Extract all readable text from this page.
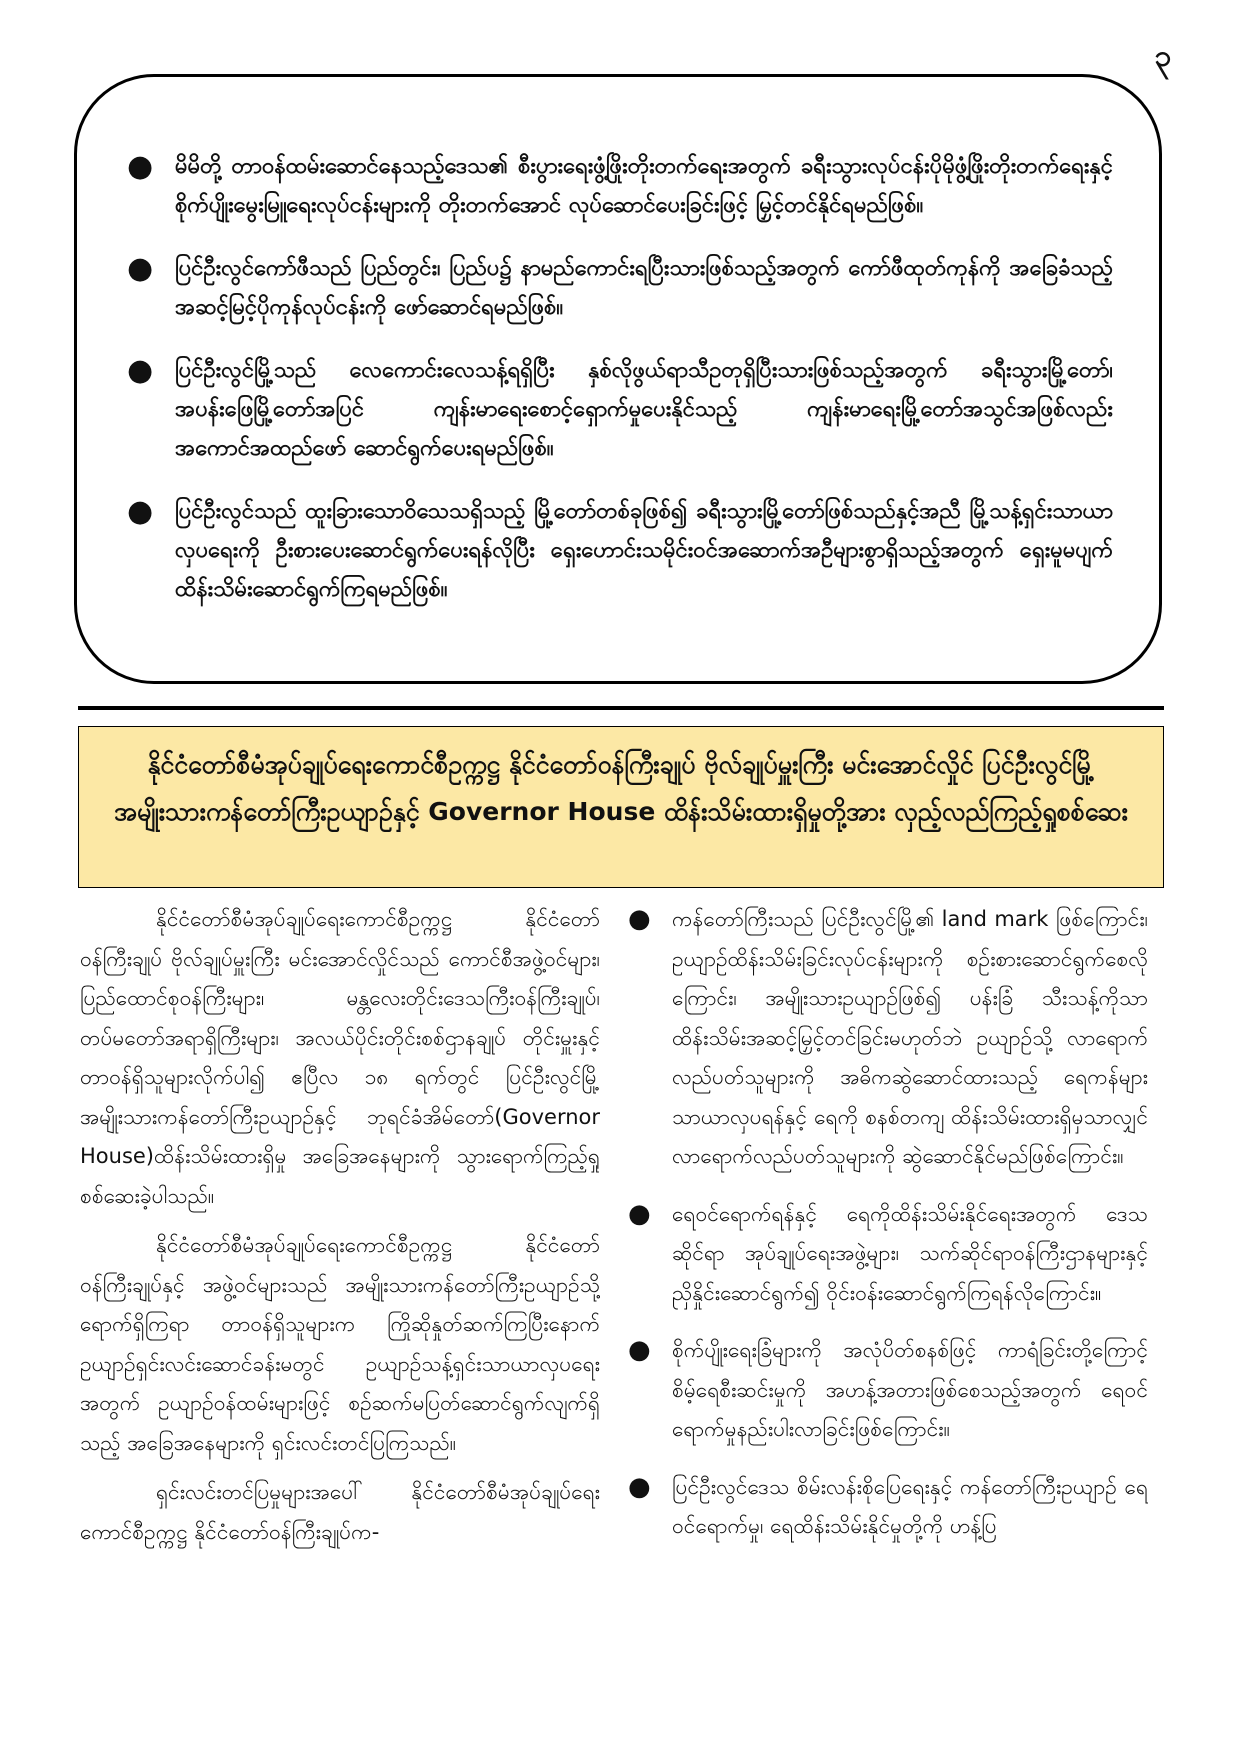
၃
● မိမိတို့ တာဝန်ထမ်းဆောင်နေသည့်ဒေသ၏ စီးပွားရေးဖွံ့ဖြိုးတိုးတက်ရေးအတွက် ခရီးသွားလုပ်ငန်းပိုမိုဖွံ့ဖြိုးတိုးတက်ရေးနှင့် စိုက်ပျိုးမွေးမြူရေးလုပ်ငန်းများကို တိုးတက်အောင် လုပ်ဆောင်ပေးခြင်းဖြင့် မြှင့်တင်နိုင်ရမည်ဖြစ်။
● ပြင်ဦးလွင်ကော်ဖီသည် ပြည်တွင်း၊ ပြည်ပ၌ နာမည်ကောင်းရပြီးသားဖြစ်သည့်အတွက် ကော်ဖီထုတ်ကုန်ကို အခြေခံသည့် အဆင့်မြင့်ပိုကုန်လုပ်ငန်းကို ဖော်ဆောင်ရမည်ဖြစ်။
● ပြင်ဦးလွင်မြို့သည် လေကောင်းလေသန့်ရရှိပြီး နှစ်လိုဖွယ်ရာသီဥတုရှိပြီးသားဖြစ်သည့်အတွက် ခရီးသွားမြို့တော်၊ အပန်းဖြေမြို့တော်အပြင် ကျန်းမာရေးစောင့်ရှောက်မှုပေးနိုင်သည့် ကျန်းမာရေးမြို့တော်အသွင်အဖြစ်လည်း အကောင်အထည်ဖော် ဆောင်ရွက်ပေးရမည်ဖြစ်။
● ပြင်ဦးလွင်သည် ထူးခြားသောဝိသေသရှိသည့် မြို့တော်တစ်ခုဖြစ်၍ ခရီးသွားမြို့တော်ဖြစ်သည်နှင့်အညီ မြို့သန့်ရှင်းသာယာလှပရေးကို ဦးစားပေးဆောင်ရွက်ပေးရန်လိုပြီး ရှေးဟောင်းသမိုင်းဝင်အဆောက်အဦများစွာရှိသည့်အတွက် ရှေးမူမပျက် ထိန်းသိမ်းဆောင်ရွက်ကြရမည်ဖြစ်။
နိုင်ငံတော်စီမံအုပ်ချုပ်ရေးကောင်စီဥက္ကဋ္ဌ နိုင်ငံတော်ဝန်ကြီးချုပ် ဗိုလ်ချုပ်မှူးကြီး မင်းအောင်လှိုင် ပြင်ဦးလွင်မြို့ အမျိုးသားကန်တော်ကြီးဥယျာဉ်နှင့် Governor House ထိန်းသိမ်းထားရှိမှုတို့အား လှည့်လည်ကြည့်ရှုစစ်ဆေး

နိုင်ငံတော်စီမံအုပ်ချုပ်ရေးကောင်စီဥက္ကဋ္ဌ နိုင်ငံတော်ဝန်ကြီးချုပ် ဗိုလ်ချုပ်မှူးကြီး မင်းအောင်လှိုင်သည် ကောင်စီအဖွဲ့ဝင်များ၊ ပြည်ထောင်စုဝန်ကြီးများ၊ မန္တလေးတိုင်းဒေသကြီးဝန်ကြီးချုပ်၊ တပ်မတော်အရာရှိကြီးများ၊ အလယ်ပိုင်းတိုင်းစစ်ဌာနချုပ် တိုင်းမှူးနှင့် တာဝန်ရှိသူများလိုက်ပါ၍ ဧပြီလ ၁၈ ရက်တွင် ပြင်ဦးလွင်မြို့ အမျိုးသားကန်တော်ကြီးဥယျာဉ်နှင့် ဘုရင်ခံအိမ်တော်(Governor House)ထိန်းသိမ်းထားရှိမှု အခြေအနေများကို သွားရောက်ကြည့်ရှုစစ်ဆေးခဲ့ပါသည်။

နိုင်ငံတော်စီမံအုပ်ချုပ်ရေးကောင်စီဥက္ကဋ္ဌ နိုင်ငံတော်ဝန်ကြီးချုပ်နှင့် အဖွဲ့ဝင်များသည် အမျိုးသားကန်တော်ကြီးဥယျာဉ်သို့ ရောက်ရှိကြရာ တာဝန်ရှိသူများက ကြိုဆိုနှုတ်ဆက်ကြပြီးနောက် ဥယျာဉ်ရှင်းလင်းဆောင်ခန်းမတွင် ဥယျာဉ်သန့်ရှင်းသာယာလှပရေးအတွက် ဥယျာဉ်ဝန်ထမ်းများဖြင့် စဉ်ဆက်မပြတ်ဆောင်ရွက်လျက်ရှိသည့် အခြေအနေများကို ရှင်းလင်းတင်ပြကြသည်။

ရှင်းလင်းတင်ပြမှုများအပေါ် နိုင်ငံတော်စီမံအုပ်ချုပ်ရေးကောင်စီဥက္ကဋ္ဌ နိုင်ငံတော်ဝန်ကြီးချုပ်က-

● ကန်တော်ကြီးသည် ပြင်ဦးလွင်မြို့၏ land mark ဖြစ်ကြောင်း၊ ဥယျာဉ်ထိန်းသိမ်းခြင်းလုပ်ငန်းများကို စဉ်းစားဆောင်ရွက်စေလိုကြောင်း၊ အမျိုးသားဥယျာဉ်ဖြစ်၍ ပန်းခြံ သီးသန့်ကိုသာ ထိန်းသိမ်းအဆင့်မြှင့်တင်ခြင်းမဟုတ်ဘဲ ဥယျာဉ်သို့ လာရောက်လည်ပတ်သူများကို အဓိကဆွဲဆောင်ထားသည့် ရေကန်များသာယာလှပရန်နှင့် ရေကို စနစ်တကျ ထိန်းသိမ်းထားရှိမှသာလျှင် လာရောက်လည်ပတ်သူများကို ဆွဲဆောင်နိုင်မည်ဖြစ်ကြောင်း။
● ရေဝင်ရောက်ရန်နှင့် ရေကိုထိန်းသိမ်းနိုင်ရေးအတွက် ဒေသဆိုင်ရာ အုပ်ချုပ်ရေးအဖွဲ့များ၊ သက်ဆိုင်ရာဝန်ကြီးဌာနများနှင့် ညှိနှိုင်းဆောင်ရွက်၍ ဝိုင်းဝန်းဆောင်ရွက်ကြရန်လိုကြောင်း။
● စိုက်ပျိုးရေးခြံများကို အလုံပိတ်စနစ်ဖြင့် ကာရံခြင်းတို့ကြောင့် စိမ့်ရေစီးဆင်းမှုကို အဟန့်အတားဖြစ်စေသည့်အတွက် ရေဝင်ရောက်မှုနည်းပါးလာခြင်းဖြစ်ကြောင်း။
● ပြင်ဦးလွင်ဒေသ စိမ်းလန်းစိုပြေရေးနှင့် ကန်တော်ကြီးဥယျာဉ် ရေဝင်ရောက်မှု၊ ရေထိန်းသိမ်းနိုင်မှုတို့ကို ဟန့်ပြ
